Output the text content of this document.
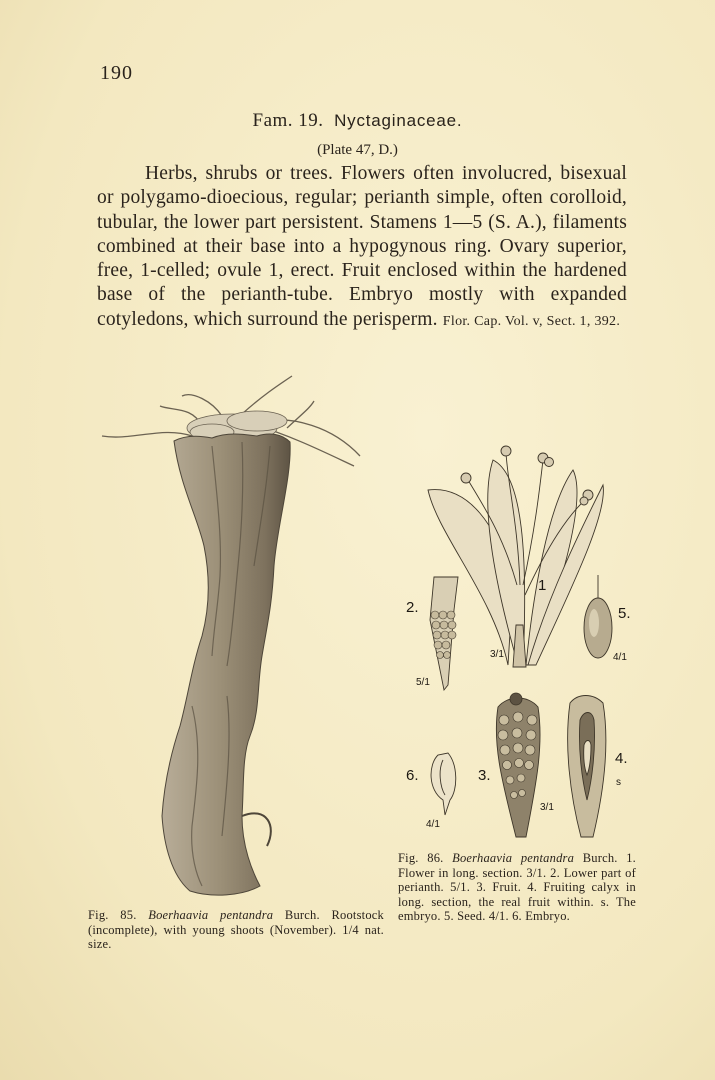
190
Fam. 19. Nyctaginaceae.
(Plate 47, D.)
Herbs, shrubs or trees. Flowers often involucred, bisexual or polygamo-dioecious, regular; perianth simple, often corolloid, tubular, the lower part persistent. Stamens 1—5 (S. A.), filaments combined at their base into a hypogynous ring. Ovary superior, free, 1-celled; ovule 1, erect. Fruit enclosed within the hardened base of the perianth-tube. Embryo mostly with expanded cotyledons, which surround the perisperm. Flor. Cap. Vol. v, Sect. 1, 392.
1
3/1
2.
5/1
5.
4/1
3.
3/1
4.
s
6.
4/1
Fig. 85. Boerhaavia pentandra Burch. Rootstock (incomplete), with young shoots (November). 1/4 nat. size.
Fig. 86. Boerhaavia pentandra Burch. 1. Flower in long. section. 3/1. 2. Lower part of perianth. 5/1. 3. Fruit. 4. Fruiting calyx in long. section, the real fruit within. s. The embryo. 5. Seed. 4/1. 6. Embryo.
